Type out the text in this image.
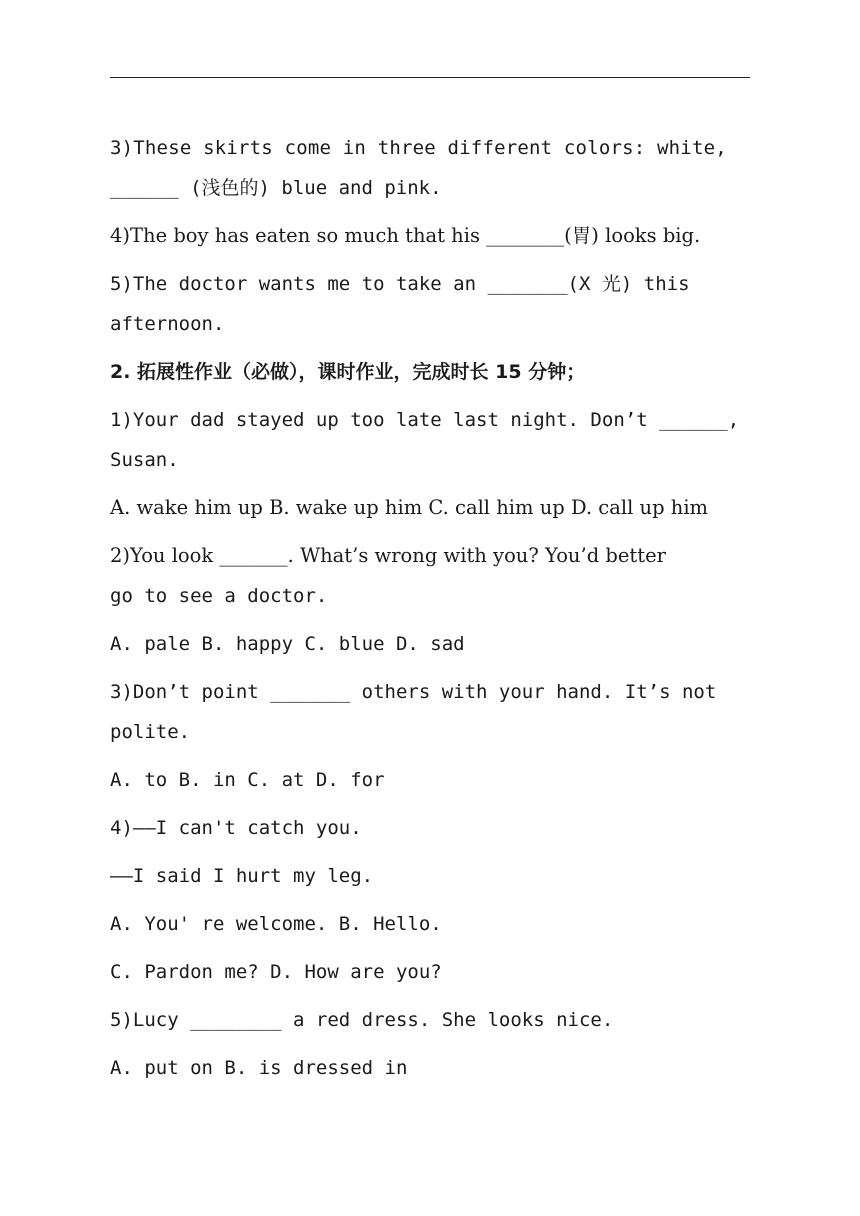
3)These skirts come in three different colors: white,
______ (浅色的) blue and pink.
4)The boy has eaten so much that his ________(胃) looks big.
5)The doctor wants me to take an _______(X 光) this
afternoon.
2. 拓展性作业（必做），课时作业，完成时长 15 分钟；
1)Your dad stayed up too late last night. Don’t ______,
Susan.
A. wake him up B. wake up him C. call him up D. call up him
2)You look _______. What’s wrong with you? You’d better
go to see a doctor.
A. pale B. happy C. blue D. sad
3)Don’t point _______ others with your hand. It’s not
polite.
A. to B. in C. at D. for
4)——I can't catch you.
——I said I hurt my leg.
A. You' re welcome. B. Hello.
C. Pardon me? D. How are you?
5)Lucy ________ a red dress. She looks nice.
A. put on B. is dressed in
